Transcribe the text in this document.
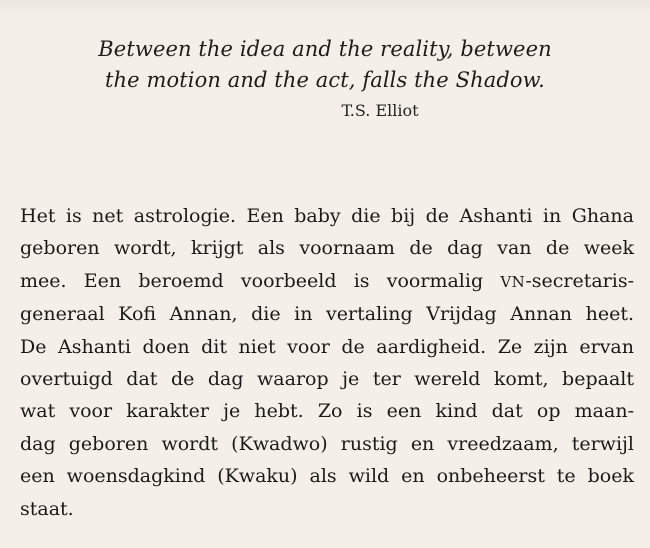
Between the idea and the reality, between
the motion and the act, falls the Shadow.

T.S. Elliot
Het is net astrologie. Een baby die bij de Ashanti in Ghana
geboren wordt, krijgt als voornaam de dag van de week
mee. Een beroemd voorbeeld is voormalig VN-secretaris-
generaal Kofi Annan, die in vertaling Vrijdag Annan heet.
De Ashanti doen dit niet voor de aardigheid. Ze zijn ervan
overtuigd dat de dag waarop je ter wereld komt, bepaalt
wat voor karakter je hebt. Zo is een kind dat op maan-
dag geboren wordt (Kwadwo) rustig en vreedzaam, terwijl
een woensdagkind (Kwaku) als wild en onbeheerst te boek
staat.
